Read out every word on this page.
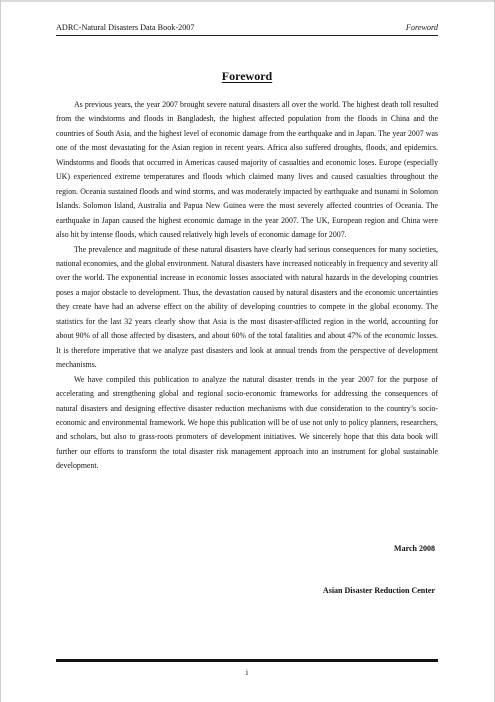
ADRC-Natural Disasters Data Book-2007	Foreword
Foreword

As previous years, the year 2007 brought severe natural disasters all over the world. The highest death toll resulted from the windstorms and floods in Bangladesh, the highest affected population from the floods in China and the countries of South Asia, and the highest level of economic damage from the earthquake and in Japan. The year 2007 was one of the most devastating for the Asian region in recent years. Africa also suffered droughts, floods, and epidemics. Windstorms and floods that occurred in Americas caused majority of casualties and economic loses. Europe (especially UK) experienced extreme temperatures and floods which claimed many lives and caused casualties throughout the region. Oceania sustained floods and wind storms, and was moderately impacted by earthquake and tsunami in Solomon Islands. Solomon Island, Australia and Papua New Guinea were the most severely affected countries of Oceania. The earthquake in Japan caused the highest economic damage in the year 2007. The UK, European region and China were also hit by intense floods, which caused relatively high levels of economic damage for 2007.

The prevalence and magnitude of these natural disasters have clearly had serious consequences for many societies, national economies, and the global environment. Natural disasters have increased noticeably in frequency and severity all over the world. The exponential increase in economic losses associated with natural hazards in the developing countries poses a major obstacle to development. Thus, the devastation caused by natural disasters and the economic uncertainties they create have had an adverse effect on the ability of developing countries to compete in the global economy. The statistics for the last 32 years clearly show that Asia is the most disaster-afflicted region in the world, accounting for about 90% of all those affected by disasters, and about 60% of the total fatalities and about 47% of the economic losses. It is therefore imperative that we analyze past disasters and look at annual trends from the perspective of development mechanisms.

We have compiled this publication to analyze the natural disaster trends in the year 2007 for the purpose of accelerating and strengthening global and regional socio-economic frameworks for addressing the consequences of natural disasters and designing effective disaster reduction mechanisms with due consideration to the country’s socio-economic and environmental framework. We hope this publication will be of use not only to policy planners, researchers, and scholars, but also to grass-roots promoters of development initiatives. We sincerely hope that this data book will further our efforts to transform the total disaster risk management approach into an instrument for global sustainable development.

March 2008
Asian Disaster Reduction Center
i
